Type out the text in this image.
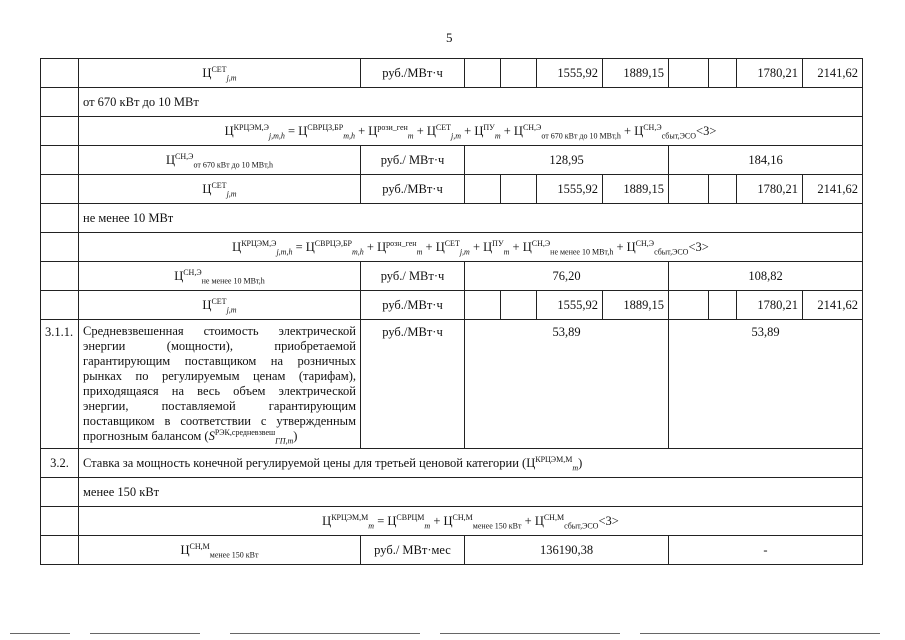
5
	$Ц^{СЕТ}_{j,m}$	руб./МВт·ч			1555,92	1889,15			1780,21	2141,62
	от 670 кВт до 10 МВт									
	$Ц^{КРЦЭМ,Э}_{j,m,h} = Ц^{СВРЦЗ,БР}_{m,h} + Ц^{рози\_ген}_m + Ц^{СЕТ}_{j,m} + Ц^{ПУ}_m + Ц^{СН,Э}_{от 670 кВт до 10 МВт,h} + Ц^{СН,Э}_{сбыт,ЭСО}<3>$									
	$Ц^{СН,Э}_{от 670 кВт до 10 МВт,h}$	руб./ МВт·ч	128,95				184,16			
	$Ц^{СЕТ}_{j,m}$	руб./МВт·ч			1555,92	1889,15			1780,21	2141,62
	не менее 10 МВт									
	$Ц^{КРЦЭМ,Э}_{j,m,h} = Ц^{СВРЦЭ,БР}_{m,h} + Ц^{розн\_ген}_m + Ц^{СЕТ}_{j,m} + Ц^{ПУ}_m + Ц^{СН,Э}_{не менее 10 МВт,h} + Ц^{СН,Э}_{сбыт,ЭСО}<3>$									
	$Ц^{СН,Э}_{не менее 10 МВт,h}$	руб./ МВт·ч	76,20				108,82			
	$Ц^{СЕТ}_{j,m}$	руб./МВт·ч			1555,92	1889,15			1780,21	2141,62
3.1.1.	Средневзвешенная стоимость электрической энергии (мощности), приобретаемой гарантирующим поставщиком на розничных рынках по регулируемым ценам (тарифам), приходящаяся на весь объем электрической энергии, поставляемой гарантирующим поставщиком в соответствии с утвержденным прогнозным балансом $(S^{РЭК,средневзвеш}_{ГП,m})$	руб./МВт·ч	53,89				53,89			
3.2.	Ставка за мощность конечной регулируемой цены для третьей ценовой категории $(Ц^{КРЦЭМ,М}_m)$									
	менее 150 кВт									
	$Ц^{КРЦЭМ,М}_m = Ц^{СВРЦМ}_m + Ц^{СН,М}_{менее 150 кВт} + Ц^{СН,М}_{сбыт,ЭСО}<3>$									
	$Ц^{СН,М}_{менее 150 кВт}$	руб./ МВт·мес	136190,38				-			
